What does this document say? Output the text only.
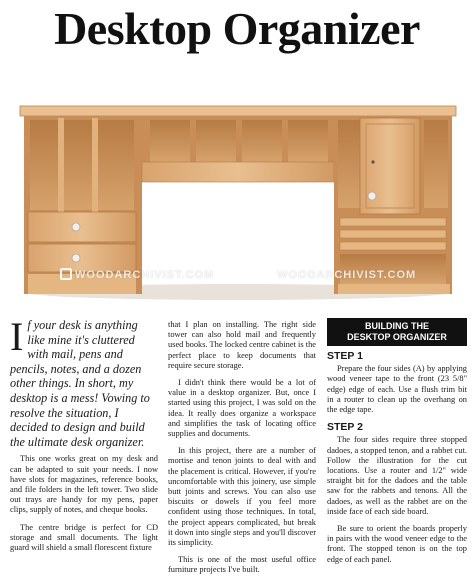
Desktop Organizer
WOODARCHIVIST.COM	WOODARCHIVIST.COM

If your desk is anything like mine it's cluttered with mail, pens and pencils, notes, and a dozen other things. In short, my desktop is a mess! Vowing to resolve the situation, I decided to design and build the ultimate desk organizer.

This one works great on my desk and can be adapted to suit your needs. I now have slots for magazines, reference books, and file folders in the left tower. Two slide out trays are handy for my pens, paper clips, supply of notes, and cheque books.

The centre bridge is perfect for CD storage and small documents. The light guard will shield a small florescent fixture

that I plan on installing. The right side tower can also hold mail and frequently used books. The locked centre cabinet is the perfect place to keep documents that require secure storage.

I didn't think there would be a lot of value in a desktop organizer. But, once I started using this project, I was sold on the idea. It really does organize a workspace and simplifies the task of locating office supplies and documents.

In this project, there are a number of mortise and tenon joints to deal with and the placement is critical. However, if you're uncomfortable with this joinery, use simple butt joints and screws. You can also use biscuits or dowels if you feel more confident using those techniques. In total, the project appears complicated, but break it down into single steps and you'll discover its simplicity.

This is one of the most useful office furniture projects I've built.

BUILDING THE
DESKTOP ORGANIZER
STEP 1

Prepare the four sides (A) by applying wood veneer tape to the front (23 5/8" edge) edge of each. Use a flush trim bit in a router to clean up the overhang on the edge tape.

STEP 2

The four sides require three stopped dadoes, a stopped tenon, and a rabbet cut. Follow the illustration for the cut locations. Use a router and 1/2" wide straight bit for the dadoes and the table saw for the rabbets and tenons. All the dadoes, as well as the rabbet are on the inside face of each side board.

Be sure to orient the boards properly in pairs with the wood veneer edge to the front. The stopped tenon is on the top edge of each panel.
